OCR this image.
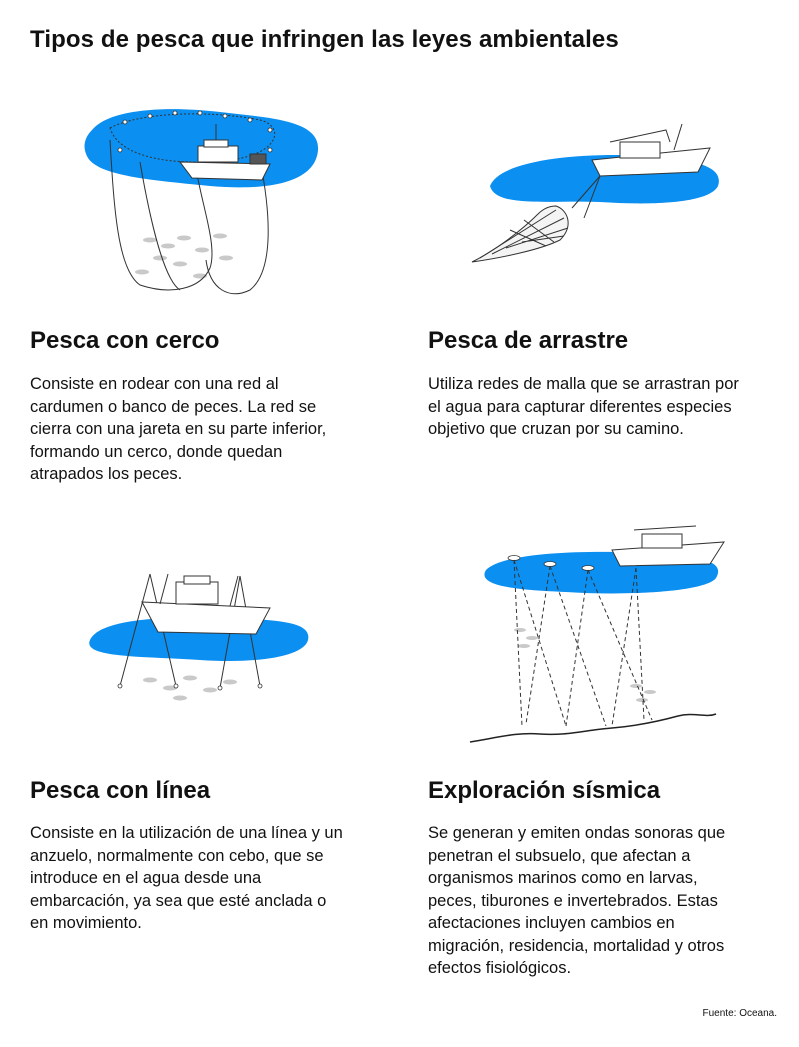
Tipos de pesca que infringen las leyes ambientales
Pesca con cerco

Consiste en rodear con una red al
cardumen o banco de peces. La red se
cierra con una jareta en su parte inferior,
formando un cerco, donde quedan
atrapados los peces.

Pesca de arrastre

Utiliza redes de malla que se arrastran por
el agua para capturar diferentes especies
objetivo que cruzan por su camino.

Pesca con línea

Consiste en la utilización de una línea y un
anzuelo, normalmente con cebo, que se
introduce en el agua desde una
embarcación, ya sea que esté anclada o
en movimiento.

Exploración sísmica

Se generan y emiten ondas sonoras que
penetran el subsuelo, que afectan a
organismos marinos como en larvas,
peces, tiburones e invertebrados. Estas
afectaciones incluyen cambios en
migración, residencia, mortalidad y otros
efectos fisiológicos.

Fuente: Oceana.
